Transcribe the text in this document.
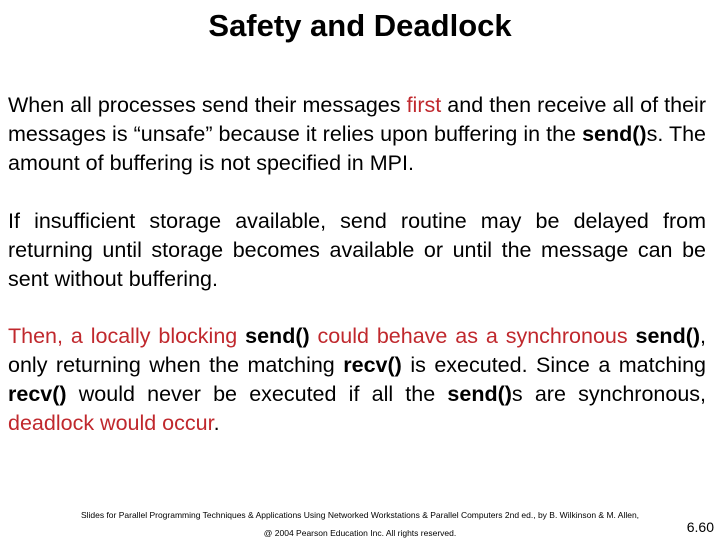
Safety and Deadlock

When all processes send their messages first and then receive all of their messages is “unsafe” because it relies upon buffering in the send()s. The amount of buffering is not specified in MPI.

If insufficient storage available, send routine may be delayed from returning until storage becomes available or until the message can be sent without buffering.

Then, a locally blocking send() could behave as a synchronous send(), only returning when the matching recv() is executed. Since a matching recv() would never be executed if all the send()s are synchronous, deadlock would occur.

Slides for Parallel Programming Techniques & Applications Using Networked Workstations & Parallel Computers 2nd ed., by B. Wilkinson & M. Allen,

@ 2004 Pearson Education Inc. All rights reserved.	6.60
